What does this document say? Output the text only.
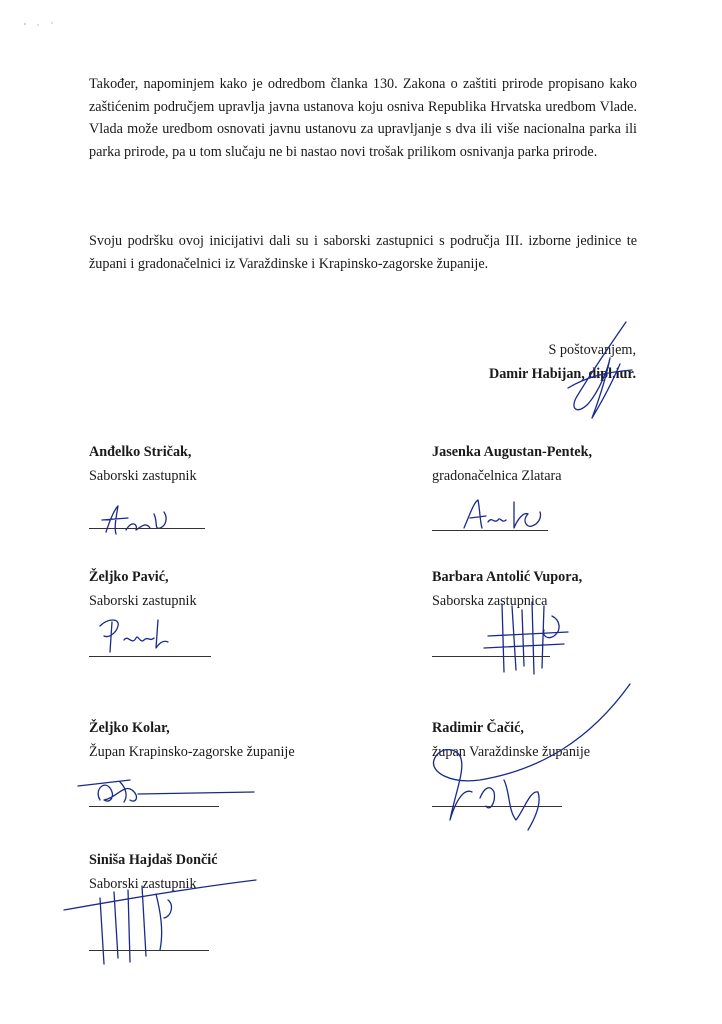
Također, napominjem kako je odredbom članka 130. Zakona o zaštiti prirode propisano kako zaštićenim područjem upravlja javna ustanova koju osniva Republika Hrvatska uredbom Vlade. Vlada može uredbom osnovati javnu ustanovu za upravljanje s dva ili više nacionalna parka ili parka prirode, pa u tom slučaju ne bi nastao novi trošak prilikom osnivanja parka prirode.

Svoju podršku ovoj inicijativi dali su i saborski zastupnici s područja III. izborne jedinice te župani i gradonačelnici iz Varaždinske i Krapinsko-zagorske županije.

S poštovanjem,
Damir Habijan, dipl.iur.
Anđelko Stričak,
Saborski zastupnik
Jasenka Augustan-Pentek,
gradonačelnica Zlatara
Željko Pavić,
Saborski zastupnik
Barbara Antolić Vupora,
Saborska zastupnica
Željko Kolar,
Župan Krapinsko-zagorske županije
Radimir Čačić,
župan Varaždinske županije
Siniša Hajdaš Dončić
Saborski zastupnik
